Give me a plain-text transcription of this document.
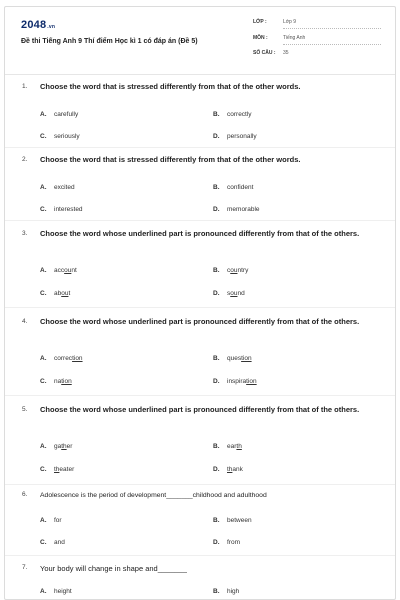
2048.vn
Đề thi Tiếng Anh 9 Thí điểm Học kì 1 có đáp án (Đề 5)
LỚP :	Lớp 9
MÔN :	Tiếng Anh
SỐ CÂU : 35
1. Choose the word that is stressed differently from that of the other words.
A. carefully	B. correctly
C. seriously	D. personally
2. Choose the word that is stressed differently from that of the other words.
A. excited	B. confident
C. interested	D. memorable
3. Choose the word whose underlined part is pronounced differently from that of the others.
A. account	B. country
C. about	D. sound
4. Choose the word whose underlined part is pronounced differently from that of the others.
A. correction	B. question
C. nation	D. inspiration
5. Choose the word whose underlined part is pronounced differently from that of the others.
A. gather	B. earth
C. theater	D. thank
6. Adolescence is the period of development_______childhood and adulthood
A. for	B. between
C. and	D. from
7. Your body will change in shape and_______
A. height	B. high
